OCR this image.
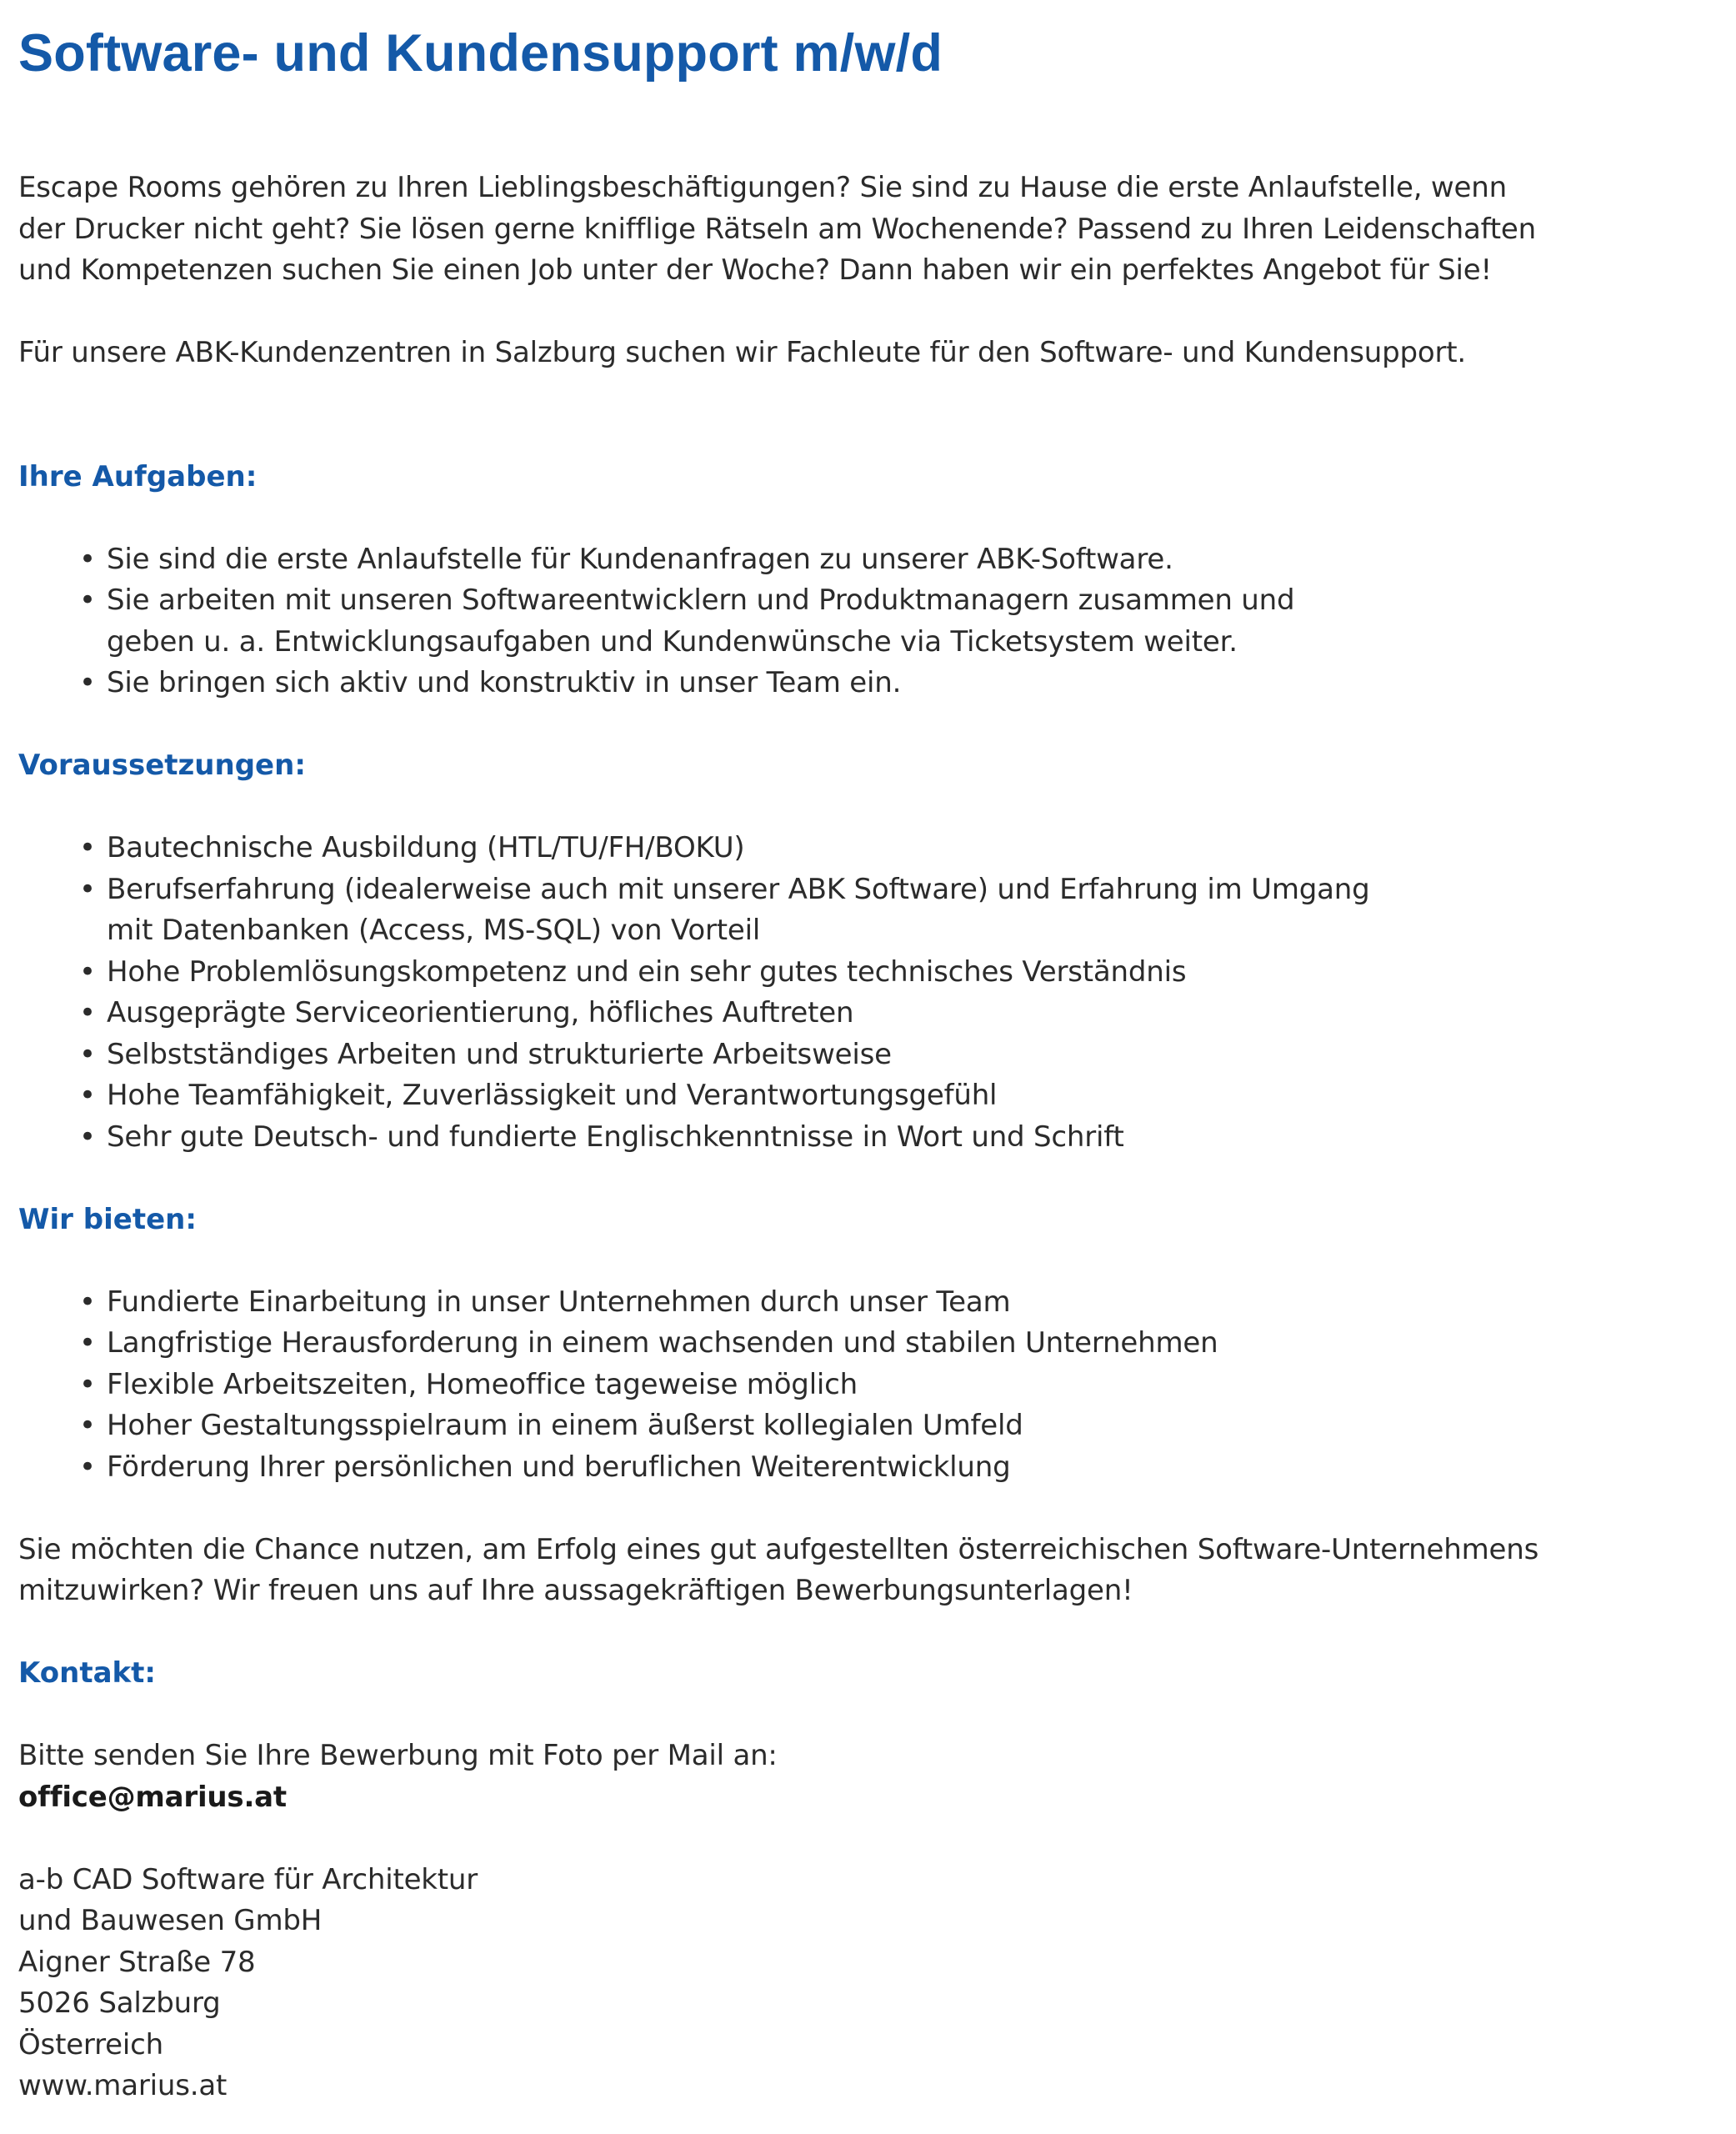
Software- und Kundensupport m/w/d

Escape Rooms gehören zu Ihren Lieblingsbeschäftigungen? Sie sind zu Hause die erste Anlaufstelle, wenn
der Drucker nicht geht? Sie lösen gerne knifflige Rätseln am Wochenende? Passend zu Ihren Leidenschaften
und Kompetenzen suchen Sie einen Job unter der Woche? Dann haben wir ein perfektes Angebot für Sie!

Für unsere ABK-Kundenzentren in Salzburg suchen wir Fachleute für den Software- und Kundensupport.

Ihre Aufgaben:
• Sie sind die erste Anlaufstelle für Kundenanfragen zu unserer ABK-Software.
• Sie arbeiten mit unseren Softwareentwicklern und Produktmanagern zusammen und
geben u. a. Entwicklungsaufgaben und Kundenwünsche via Ticketsystem weiter.
• Sie bringen sich aktiv und konstruktiv in unser Team ein.
Voraussetzungen:
• Bautechnische Ausbildung (HTL/TU/FH/BOKU)
• Berufserfahrung (idealerweise auch mit unserer ABK Software) und Erfahrung im Umgang
mit Datenbanken (Access, MS-SQL) von Vorteil
• Hohe Problemlösungskompetenz und ein sehr gutes technisches Verständnis
• Ausgeprägte Serviceorientierung, höfliches Auftreten
• Selbstständiges Arbeiten und strukturierte Arbeitsweise
• Hohe Teamfähigkeit, Zuverlässigkeit und Verantwortungsgefühl
• Sehr gute Deutsch- und fundierte Englischkenntnisse in Wort und Schrift
Wir bieten:
• Fundierte Einarbeitung in unser Unternehmen durch unser Team
• Langfristige Herausforderung in einem wachsenden und stabilen Unternehmen
• Flexible Arbeitszeiten, Homeoffice tageweise möglich
• Hoher Gestaltungsspielraum in einem äußerst kollegialen Umfeld
• Förderung Ihrer persönlichen und beruflichen Weiterentwicklung

Sie möchten die Chance nutzen, am Erfolg eines gut aufgestellten österreichischen Software-Unternehmens
mitzuwirken? Wir freuen uns auf Ihre aussagekräftigen Bewerbungsunterlagen!

Kontakt:

Bitte senden Sie Ihre Bewerbung mit Foto per Mail an:
office@marius.at

a-b CAD Software für Architektur
und Bauwesen GmbH
Aigner Straße 78
5026 Salzburg
Österreich
www.marius.at
